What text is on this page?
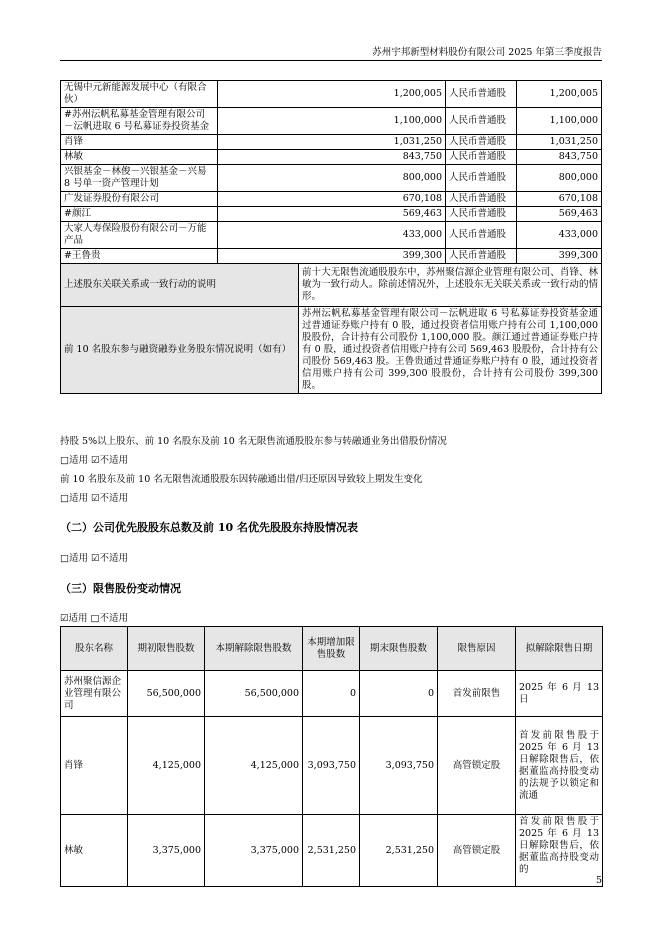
苏州宇邦新型材料股份有限公司 2025 年第三季度报告
无锡中元新能源发展中心（有限合伙）	1,200,005		人民币普通股	1,200,005
#苏州沄帆私募基金管理有限公司－沄帆进取 6 号私募证券投资基金	1,100,000		人民币普通股	1,100,000
肖锋	1,031,250		人民币普通股	1,031,250
林敏	843,750		人民币普通股	843,750
兴银基金－林俊－兴银基金－兴易 8 号单一资产管理计划	800,000		人民币普通股	800,000
广发证券股份有限公司	670,108		人民币普通股	670,108
#颜江	569,463		人民币普通股	569,463
大家人寿保险股份有限公司－万能产品	433,000		人民币普通股	433,000
#王鲁贵	399,300		人民币普通股	399,300
上述股东关联关系或一致行动的说明		前十大无限售流通股股东中，苏州聚信源企业管理有限公司、肖锋、林敏为一致行动人。除前述情况外，上述股东无关联关系或一致行动的情形。		
前 10 名股东参与融资融券业务股东情况说明（如有）		苏州沄帆私募基金管理有限公司－沄帆进取 6 号私募证券投资基金通过普通证券账户持有 0 股，通过投资者信用账户持有公司 1,100,000 股股份，合计持有公司股份 1,100,000 股。颜江通过普通证券账户持有 0 股，通过投资者信用账户持有公司 569,463 股股份，合计持有公司股份 569,463 股。王鲁贵通过普通证券账户持有 0 股，通过投资者信用账户持有公司 399,300 股股份，合计持有公司股份 399,300 股。		
持股 5%以上股东、前 10 名股东及前 10 名无限售流通股股东参与转融通业务出借股份情况
□适用 ☑不适用
前 10 名股东及前 10 名无限售流通股股东因转融通出借/归还原因导致较上期发生变化
□适用 ☑不适用
（二）公司优先股股东总数及前 10 名优先股股东持股情况表
□适用 ☑不适用
（三）限售股份变动情况
☑适用 □不适用
股东名称	期初限售股数	本期解除限售股数	本期增加限售股数	期末限售股数	限售原因	拟解除限售日期
苏州聚信源企业管理有限公司	56,500,000	56,500,000	0	0	首发前限售	2025 年 6 月 13 日
肖锋	4,125,000	4,125,000	3,093,750	3,093,750	高管锁定股	首发前限售股于 2025 年 6 月 13 日解除限售后，依据董监高持股变动的法规予以锁定和流通
林敏	3,375,000	3,375,000	2,531,250	2,531,250	高管锁定股	首发前限售股于 2025 年 6 月 13 日解除限售后，依据董监高持股变动的
5
